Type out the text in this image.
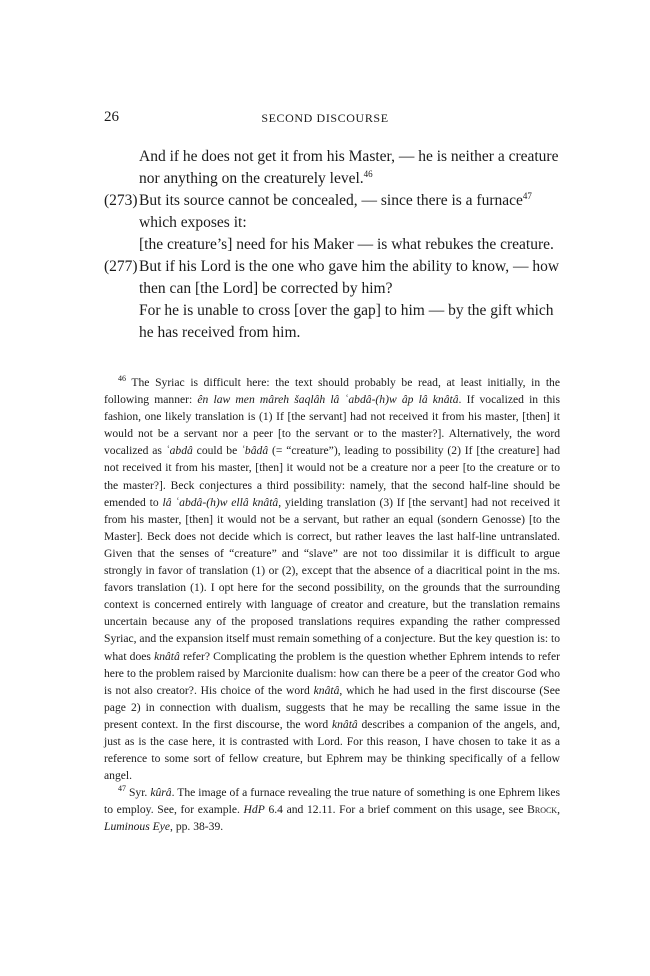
26	SECOND DISCOURSE
And if he does not get it from his Master, — he is neither a creature
nor anything on the creaturely level.$^{46}$
(273) But its source cannot be concealed, — since there is a furnace$^{47}$
which exposes it:
[the creature’s] need for his Maker — is what rebukes the creature.
(277) But if his Lord is the one who gave him the ability to know, — how
then can [the Lord] be corrected by him?
For he is unable to cross [over the gap] to him — by the gift which
he has received from him.

$^{46}$ The Syriac is difficult here: the text should probably be read, at least initially, in the following manner: ên law men mâreh šaqlâh lâ ʿabdâ-(h)w âp lâ knâtâ. If vocalized in this fashion, one likely translation is (1) If [the servant] had not received it from his master, [then] it would not be a servant nor a peer [to the servant or to the master?]. Alternatively, the word vocalized as ʿabdâ could be ʿbâdâ (= “creature”), leading to possibility (2) If [the creature] had not received it from his master, [then] it would not be a creature nor a peer [to the creature or to the master?]. Beck conjectures a third possibility: namely, that the second half-line should be emended to lâ ʿabdâ-(h)w ellâ knâtâ, yielding translation (3) If [the servant] had not received it from his master, [then] it would not be a servant, but rather an equal (sondern Genosse) [to the Master]. Beck does not decide which is correct, but rather leaves the last half-line untranslated. Given that the senses of “creature” and “slave” are not too dissimilar it is difficult to argue strongly in favor of translation (1) or (2), except that the absence of a diacritical point in the ms. favors translation (1). I opt here for the second possibility, on the grounds that the surrounding context is concerned entirely with language of creator and creature, but the translation remains uncertain because any of the proposed translations requires expanding the rather compressed Syriac, and the expansion itself must remain something of a conjecture. But the key question is: to what does knâtâ refer? Complicating the problem is the question whether Ephrem intends to refer here to the problem raised by Marcionite dualism: how can there be a peer of the creator God who is not also creator?. His choice of the word knâtâ, which he had used in the first discourse (See page 2) in connection with dualism, suggests that he may be recalling the same issue in the present context. In the first discourse, the word knâtâ describes a companion of the angels, and, just as is the case here, it is contrasted with Lord. For this reason, I have chosen to take it as a reference to some sort of fellow creature, but Ephrem may be thinking specifically of a fellow angel.

$^{47}$ Syr. kûrâ. The image of a furnace revealing the true nature of something is one Ephrem likes to employ. See, for example. HdP 6.4 and 12.11. For a brief comment on this usage, see Brock, Luminous Eye, pp. 38-39.
